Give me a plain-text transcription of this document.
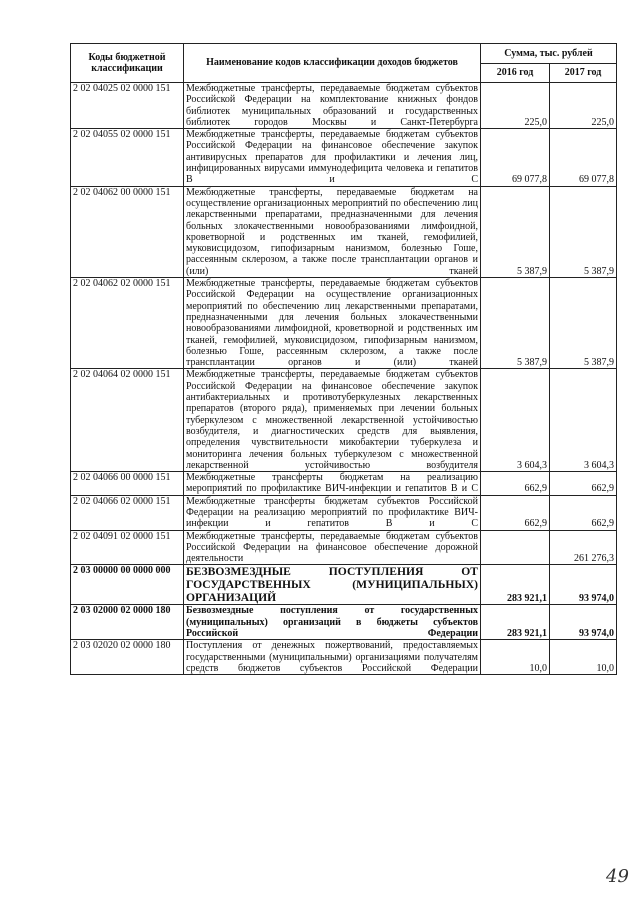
Коды бюджетной классификации	Наименование кодов классификации доходов бюджетов	Сумма, тыс. рублей	
		2016 год	2017 год
2 02 04025 02 0000 151	Межбюджетные трансферты, передаваемые бюджетам субъектов Российской Федерации на комплектование книжных фондов библиотек муниципальных образований и государственных библиотек городов Москвы и Санкт-Петербурга	225,0	225,0
2 02 04055 02 0000 151	Межбюджетные трансферты, передаваемые бюджетам субъектов Российской Федерации на финансовое обеспечение закупок антивирусных препаратов для профилактики и лечения лиц, инфицированных вирусами иммунодефицита человека и гепатитов B и C	69 077,8	69 077,8
2 02 04062 00 0000 151	Межбюджетные трансферты, передаваемые бюджетам на осуществление организационных мероприятий по обеспечению лиц лекарственными препаратами, предназначенными для лечения больных злокачественными новообразованиями лимфоидной, кроветворной и родственных им тканей, гемофилией, муковисцидозом, гипофизарным нанизмом, болезнью Гоше, рассеянным склерозом, а также после трансплантации органов и (или) тканей	5 387,9	5 387,9
2 02 04062 02 0000 151	Межбюджетные трансферты, передаваемые бюджетам субъектов Российской Федерации на осуществление организационных мероприятий по обеспечению лиц лекарственными препаратами, предназначенными для лечения больных злокачественными новообразованиями лимфоидной, кроветворной и родственных им тканей, гемофилией, муковисцидозом, гипофизарным нанизмом, болезнью Гоше, рассеянным склерозом, а также после трансплантации органов и (или) тканей	5 387,9	5 387,9
2 02 04064 02 0000 151	Межбюджетные трансферты, передаваемые бюджетам субъектов Российской Федерации на финансовое обеспечение закупок антибактериальных и противотуберкулезных лекарственных препаратов (второго ряда), применяемых при лечении больных туберкулезом с множественной лекарственной устойчивостью возбудителя, и диагностических средств для выявления, определения чувствительности микобактерии туберкулеза и мониторинга лечения больных туберкулезом с множественной лекарственной устойчивостью возбудителя	3 604,3	3 604,3
2 02 04066 00 0000 151	Межбюджетные трансферты бюджетам на реализацию мероприятий по профилактике ВИЧ-инфекции и гепатитов B и C	662,9	662,9
2 02 04066 02 0000 151	Межбюджетные трансферты бюджетам субъектов Российской Федерации на реализацию мероприятий по профилактике ВИЧ-инфекции и гепатитов B и C	662,9	662,9
2 02 04091 02 0000 151	Межбюджетные трансферты, передаваемые бюджетам субъектов Российской Федерации на финансовое обеспечение дорожной деятельности		261 276,3
2 03 00000 00 0000 000	БЕЗВОЗМЕЗДНЫЕ ПОСТУПЛЕНИЯ ОТ ГОСУДАРСТВЕННЫХ (МУНИЦИПАЛЬНЫХ) ОРГАНИЗАЦИЙ	283 921,1	93 974,0
2 03 02000 02 0000 180	Безвозмездные поступления от государственных (муниципальных) организаций в бюджеты субъектов Российской Федерации	283 921,1	93 974,0
2 03 02020 02 0000 180	Поступления от денежных пожертвований, предоставляемых государственными (муниципальными) организациями получателям средств бюджетов субъектов Российской Федерации	10,0	10,0
49
